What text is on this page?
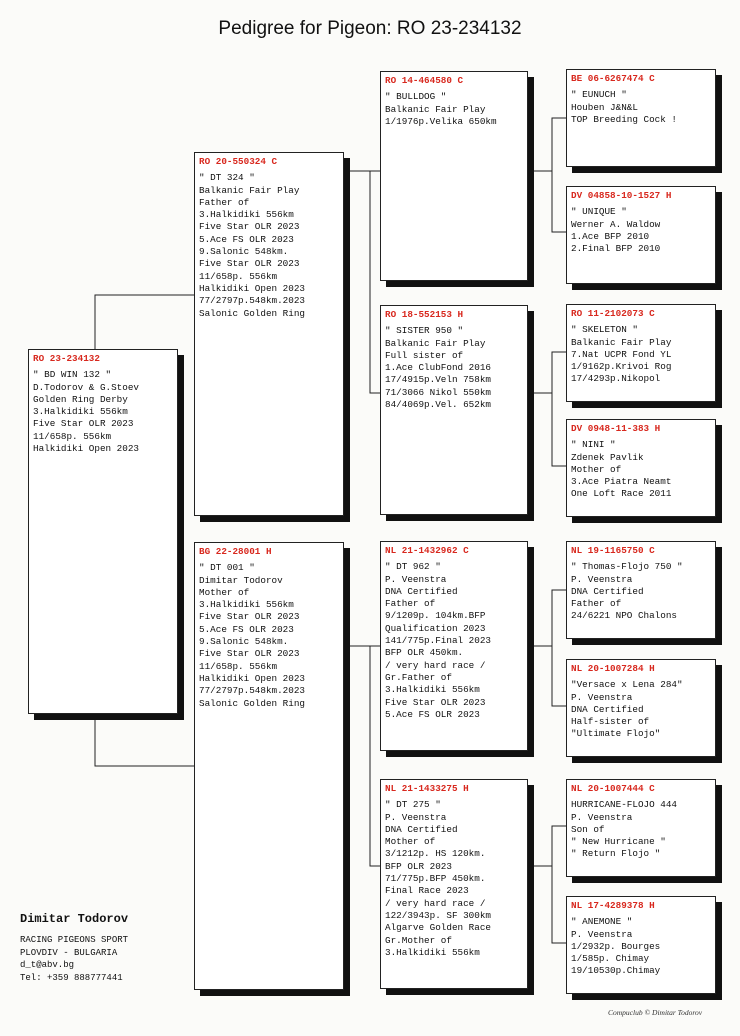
Pedigree for Pigeon: RO 23-234132
RO 23-234132
" BD WIN 132 "
D.Todorov & G.Stoev
Golden Ring Derby
3.Halkidiki 556km
Five Star OLR 2023
11/658p. 556km
Halkidiki Open 2023
RO 20-550324 C
" DT 324 "
Balkanic Fair Play
Father of
3.Halkidiki 556km
Five Star OLR 2023
5.Ace FS OLR 2023
9.Salonic 548km.
Five Star OLR 2023
11/658p. 556km
Halkidiki Open 2023
77/2797p.548km.2023
Salonic Golden Ring
BG 22-28001 H
" DT 001 "
Dimitar Todorov
Mother of
3.Halkidiki 556km
Five Star OLR 2023
5.Ace FS OLR 2023
9.Salonic 548km.
Five Star OLR 2023
11/658p. 556km
Halkidiki Open 2023
77/2797p.548km.2023
Salonic Golden Ring
RO 14-464580 C
" BULLDOG "
Balkanic Fair Play
1/1976p.Velika 650km
RO 18-552153 H
" SISTER 950 "
Balkanic Fair Play
Full sister of
1.Ace ClubFond 2016
17/4915p.Veln 758km
71/3066 Nikol 550km
84/4069p.Vel. 652km
NL 21-1432962 C
" DT 962 "
P. Veenstra
DNA Certified
Father of
9/1209p. 104km.BFP
Qualification 2023
141/775p.Final 2023
BFP OLR 450km.
/ very hard race /
Gr.Father of
3.Halkidiki 556km
Five Star OLR 2023
5.Ace FS OLR 2023
NL 21-1433275 H
" DT 275 "
P. Veenstra
DNA Certified
Mother of
3/1212p. HS 120km.
BFP OLR 2023
71/775p.BFP 450km.
Final Race 2023
/ very hard race /
122/3943p. SF 300km
Algarve Golden Race
Gr.Mother of
3.Halkidiki 556km
BE 06-6267474 C
" EUNUCH "
Houben J&N&L
TOP Breeding Cock !
DV 04858-10-1527 H
" UNIQUE "
Werner A. Waldow
1.Ace BFP 2010
2.Final BFP 2010
RO 11-2102073 C
" SKELETON "
Balkanic Fair Play
7.Nat UCPR Fond YL
1/9162p.Krivoi Rog
17/4293p.Nikopol
DV 0948-11-383 H
" NINI "
Zdenek Pavlik
Mother of
3.Ace Piatra Neamt
One Loft Race 2011
NL 19-1165750 C
" Thomas-Flojo 750 "
P. Veenstra
DNA Certified
Father of
24/6221 NPO Chalons
NL 20-1007284 H
"Versace x Lena 284"
P. Veenstra
DNA Certified
Half-sister of
"Ultimate Flojo"
NL 20-1007444 C
HURRICANE-FLOJO 444
P. Veenstra
Son of
" New Hurricane "
" Return Flojo "
NL 17-4289378 H
" ANEMONE "
P. Veenstra
1/2932p. Bourges
1/585p. Chimay
19/10530p.Chimay
Dimitar Todorov
RACING PIGEONS SPORT
PLOVDIV - BULGARIA
d_t@abv.bg
Tel: +359 888777441
Compuclub © Dimitar Todorov
